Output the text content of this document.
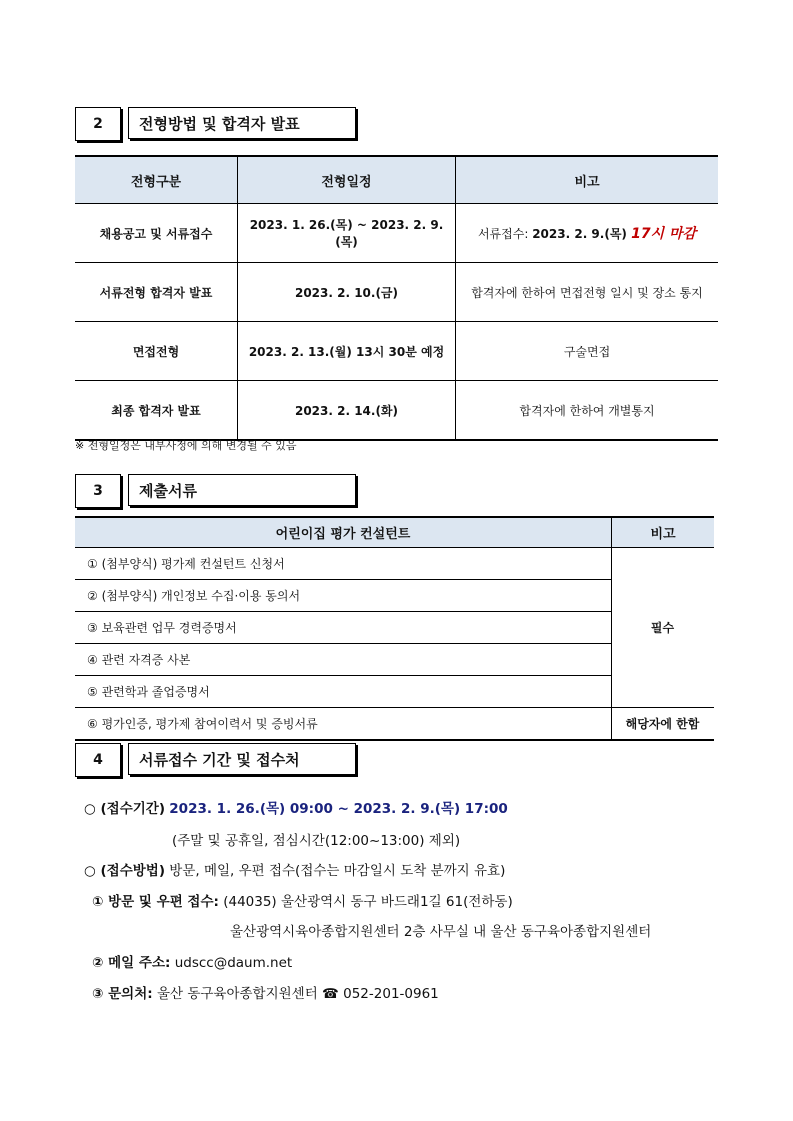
2	전형방법 및 합격자 발표
전형구분	전형일정	비고
채용공고 및 서류접수	2023. 1. 26.(목) ~ 2023. 2. 9.(목)	서류접수: 2023. 2. 9.(목) 17시 마감
서류전형 합격자 발표	2023. 2. 10.(금)	합격자에 한하여 면접전형 일시 및 장소 통지
면접전형	2023. 2. 13.(월) 13시 30분 예정	구술면접
최종 합격자 발표	2023. 2. 14.(화)	합격자에 한하여 개별통지
※ 전형일정은 내부사정에 의해 변경될 수 있음
3	제출서류
어린이집 평가 컨설턴트	비고
① (첨부양식) 평가제 컨설턴트 신청서	필수
② (첨부양식) 개인정보 수집·이용 동의서	
③ 보육관련 업무 경력증명서	
④ 관련 자격증 사본	
⑤ 관련학과 졸업증명서	
⑥ 평가인증, 평가제 참여이력서 및 증빙서류	해당자에 한함
4	서류접수 기간 및 접수처
○ (접수기간) 2023. 1. 26.(목) 09:00 ~ 2023. 2. 9.(목) 17:00
(주말 및 공휴일, 점심시간(12:00~13:00) 제외)
○ (접수방법) 방문, 메일, 우편 접수(접수는 마감일시 도착 분까지 유효)
① 방문 및 우편 접수: (44035) 울산광역시 동구 바드래1길 61(전하동)
울산광역시육아종합지원센터 2층 사무실 내 울산 동구육아종합지원센터
② 메일 주소: udscc@daum.net
③ 문의처: 울산 동구육아종합지원센터 ☎ 052-201-0961
